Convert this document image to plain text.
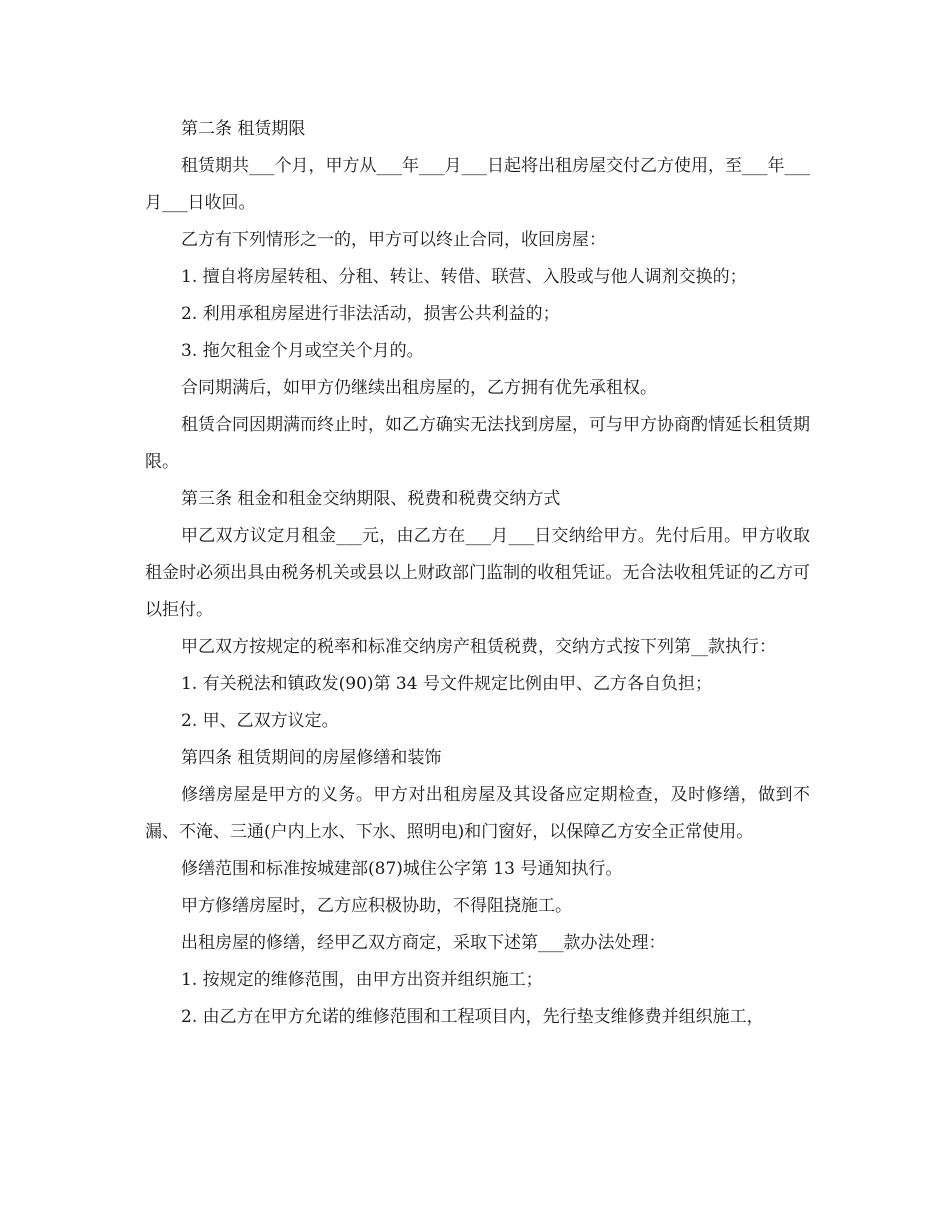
第二条 租赁期限

租赁期共___个月，甲方从___年___月___日起将出租房屋交付乙方使用，至___年___月___日收回。

乙方有下列情形之一的，甲方可以终止合同，收回房屋：

1. 擅自将房屋转租、分租、转让、转借、联营、入股或与他人调剂交换的；

2. 利用承租房屋进行非法活动，损害公共利益的；

3. 拖欠租金个月或空关个月的。

合同期满后，如甲方仍继续出租房屋的，乙方拥有优先承租权。

租赁合同因期满而终止时，如乙方确实无法找到房屋，可与甲方协商酌情延长租赁期限。

第三条 租金和租金交纳期限、税费和税费交纳方式

甲乙双方议定月租金___元，由乙方在___月___日交纳给甲方。先付后用。甲方收取租金时必须出具由税务机关或县以上财政部门监制的收租凭证。无合法收租凭证的乙方可以拒付。

甲乙双方按规定的税率和标准交纳房产租赁税费，交纳方式按下列第__款执行：

1. 有关税法和镇政发(90)第 34 号文件规定比例由甲、乙方各自负担；

2. 甲、乙双方议定。

第四条 租赁期间的房屋修缮和装饰

修缮房屋是甲方的义务。甲方对出租房屋及其设备应定期检查，及时修缮，做到不漏、不淹、三通(户内上水、下水、照明电)和门窗好，以保障乙方安全正常使用。

修缮范围和标准按城建部(87)城住公字第 13 号通知执行。

甲方修缮房屋时，乙方应积极协助，不得阻挠施工。

出租房屋的修缮，经甲乙双方商定，采取下述第___款办法处理：

1. 按规定的维修范围，由甲方出资并组织施工；

2. 由乙方在甲方允诺的维修范围和工程项目内，先行垫支维修费并组织施工，
